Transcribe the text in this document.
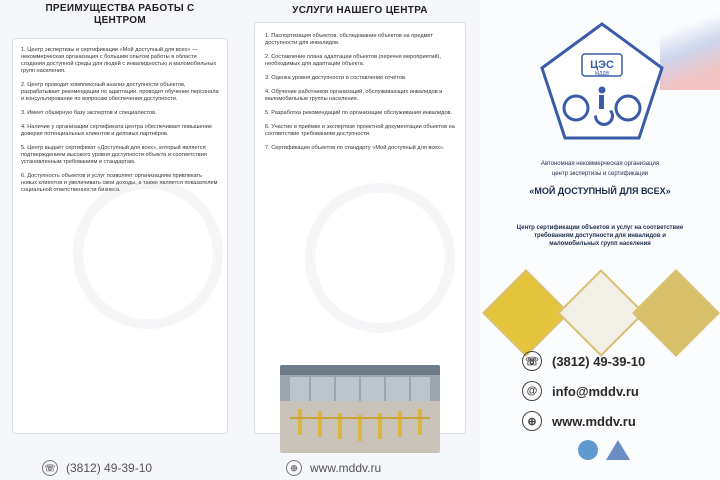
ПРЕИМУЩЕСТВА РАБОТЫ С ЦЕНТРОМ

1. Центр экспертизы и сертификации «Мой доступный для всех» — некоммерческая организация с большим опытом работы в области создания доступной среды для людей с инвалидностью и маломобильных групп населения.

2. Центр проводит комплексный анализ доступности объектов, разрабатывает рекомендации по адаптации, проводит обучение персонала и консультирование по вопросам обеспечения доступности.

3. Имеет обширную базу экспертов и специалистов.

4. Наличие у организации сертификата центра обеспечивает повышение доверия потенциальных клиентов и деловых партнёров.

5. Центр выдаёт сертификат «Доступный для всех», который является подтверждением высокого уровня доступности объекта и соответствия установленным требованиям и стандартам.

6. Доступность объектов и услуг позволяет организациям привлекать новых клиентов и увеличивать свои доходы, а также является показателем социальной ответственности бизнеса.

☏ (3812) 49-39-10
УСЛУГИ НАШЕГО ЦЕНТРА

1. Паспортизация объектов, обследование объектов на предмет доступности для инвалидов.

2. Составление плана адаптации объектов (перечня мероприятий), необходимых для адаптации объекта.

3. Оценка уровня доступности и составление отчётов.

4. Обучение работников организаций, обслуживающих инвалидов и маломобильные группы населения.

5. Разработка рекомендаций по организации обслуживания инвалидов.

6. Участие в приёмке и экспертизе проектной документации объектов на соответствие требованиям доступности.

7. Сертификация объектов по стандарту «Мой доступный для всех».

⊕	www.mddv.ru
ЦЭС
МДДВ
Автономная некоммерческая организация
центр экспертизы и сертификации
«МОЙ ДОСТУПНЫЙ ДЛЯ ВСЕХ»
Центр сертификации объектов и услуг на соответствие требованиям доступности для инвалидов и маломобильных групп населения
☏ (3812) 49-39-10
@	info@mddv.ru
⊕	www.mddv.ru
